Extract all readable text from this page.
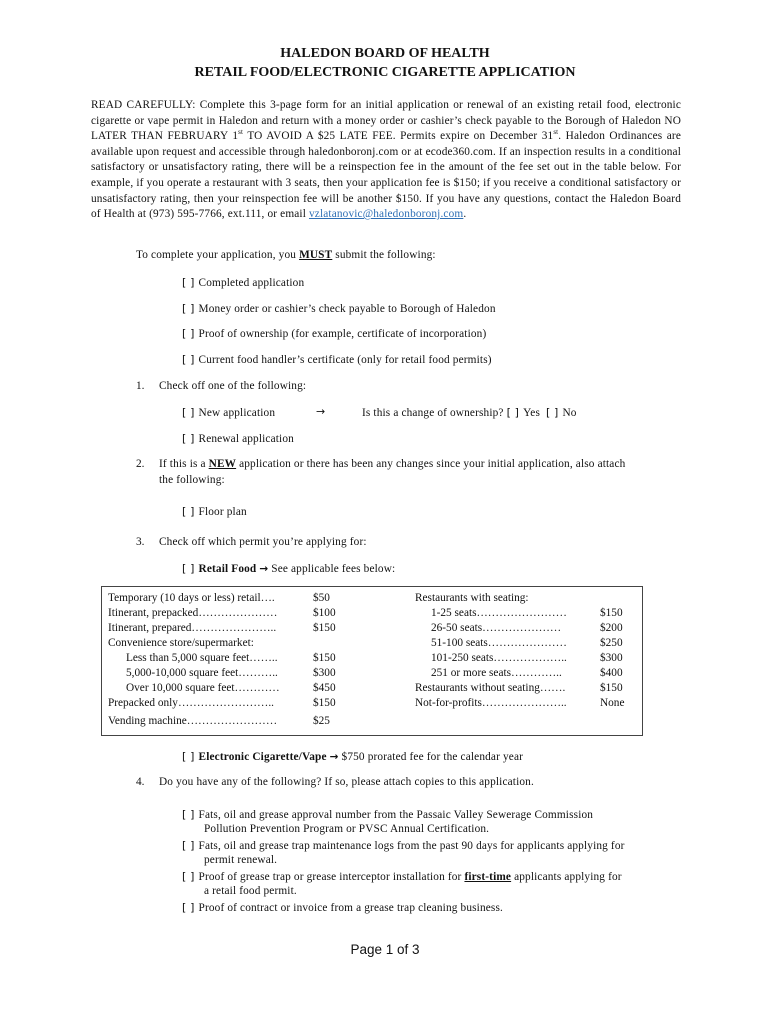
HALEDON BOARD OF HEALTH
RETAIL FOOD/ELECTRONIC CIGARETTE APPLICATION
READ CAREFULLY: Complete this 3-page form for an initial application or renewal of an existing retail food, electronic cigarette or vape permit in Haledon and return with a money order or cashier’s check payable to the Borough of Haledon NO LATER THAN FEBRUARY 1st TO AVOID A $25 LATE FEE. Permits expire on December 31st. Haledon Ordinances are available upon request and accessible through haledonboronj.com or at ecode360.com. If an inspection results in a conditional satisfactory or unsatisfactory rating, there will be a reinspection fee in the amount of the fee set out in the table below. For example, if you operate a restaurant with 3 seats, then your application fee is $150; if you receive a conditional satisfactory or unsatisfactory rating, then your reinspection fee will be another $150. If you have any questions, contact the Haledon Board of Health at (973) 595-7766, ext.111, or email vzlatanovic@haledonboronj.com.
To complete your application, you MUST submit the following:
[ ] Completed application
[ ] Money order or cashier’s check payable to Borough of Haledon
[ ] Proof of ownership (for example, certificate of incorporation)
[ ] Current food handler’s certificate (only for retail food permits)
1. Check off one of the following:
[ ] New application	→	Is this a change of ownership? [ ] Yes [ ] No
[ ] Renewal application
2. If this is a NEW application or there has been any changes since your initial application, also attach
the following:
[ ] Floor plan
3. Check off which permit you’re applying for:
[ ] Retail Food → See applicable fees below:
Temporary (10 days or less) retail….	$50
Itinerant, prepacked…………………	$100
Itinerant, prepared…………………..	$150
Convenience store/supermarket:
Less than 5,000 square feet……..	$150
5,000-10,000 square feet………..	$300
Over 10,000 square feet…………	$450
Prepacked only……………………..	$150
Vending machine……………………	$25
Restaurants with seating:
1-25 seats……………………	$150
26-50 seats…………………	$200
51-100 seats…………………	$250
101-250 seats………………..	$300
251 or more seats…………..	$400
Restaurants without seating…….	$150
Not-for-profits…………………..	None
[ ] Electronic Cigarette/Vape → $750 prorated fee for the calendar year
4. Do you have any of the following? If so, please attach copies to this application.
[ ] Fats, oil and grease approval number from the Passaic Valley Sewerage Commission
Pollution Prevention Program or PVSC Annual Certification.
[ ] Fats, oil and grease trap maintenance logs from the past 90 days for applicants applying for
permit renewal.
[ ] Proof of grease trap or grease interceptor installation for first-time applicants applying for
a retail food permit.
[ ] Proof of contract or invoice from a grease trap cleaning business.
Page 1 of 3
